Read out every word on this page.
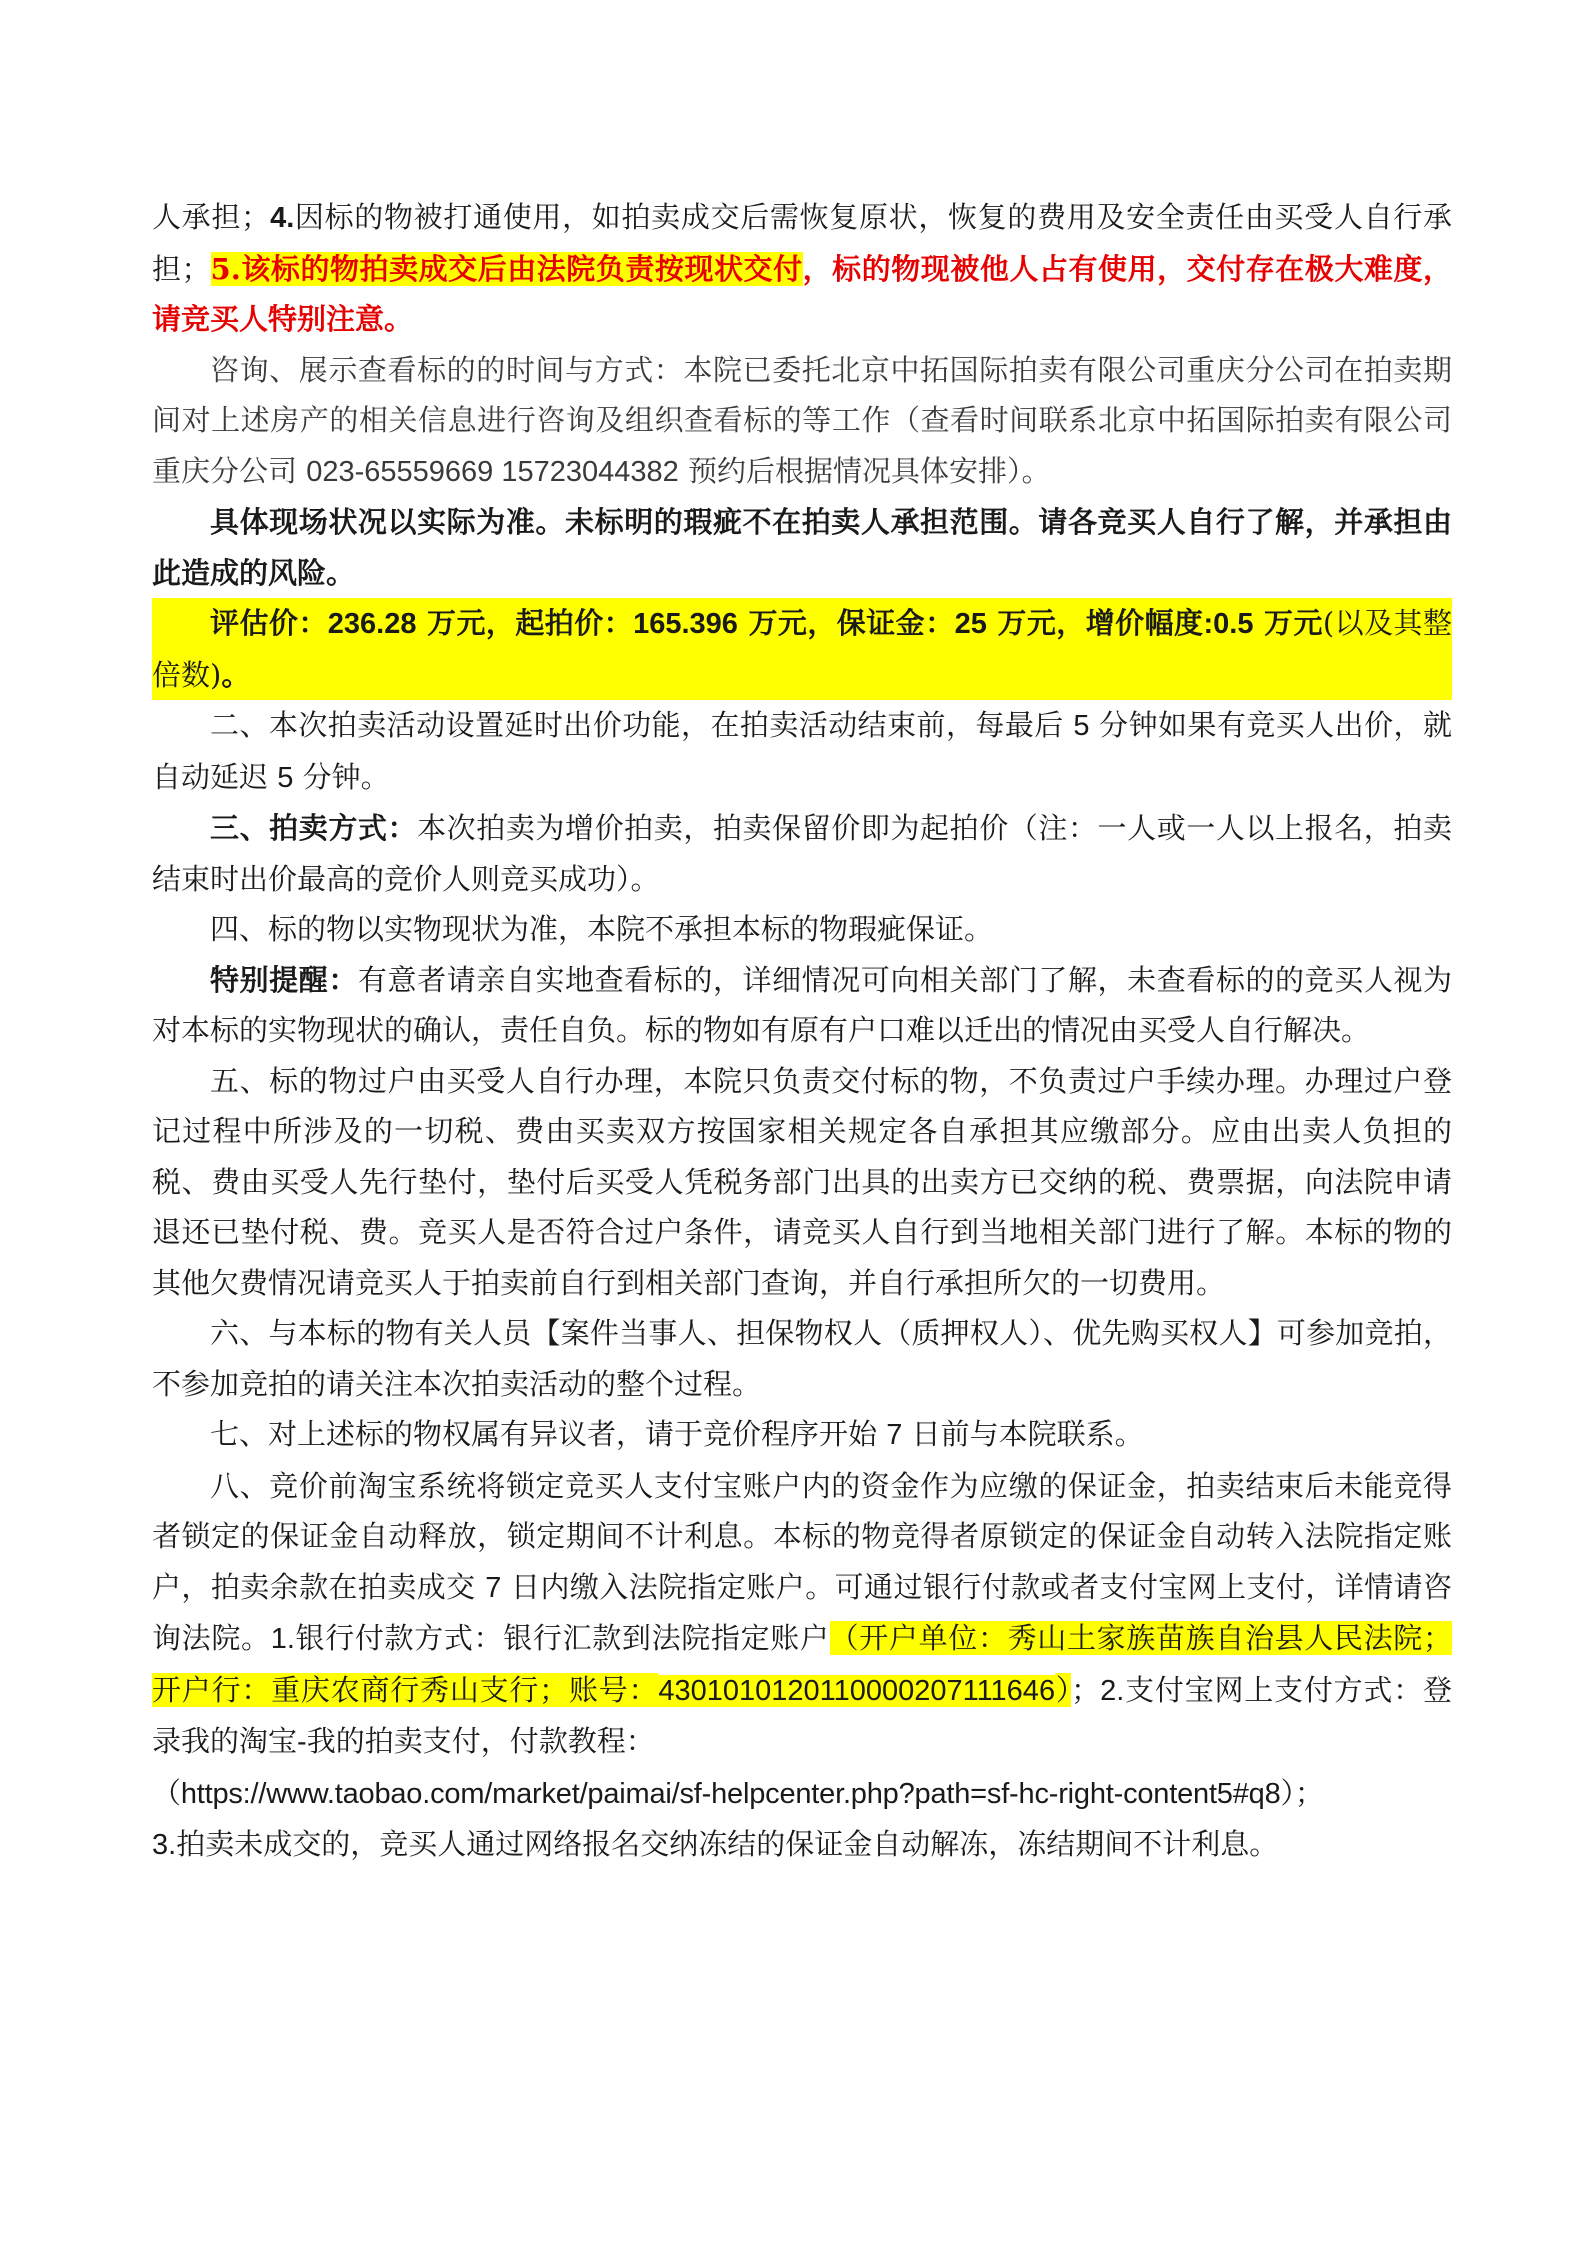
人承担；4.因标的物被打通使用，如拍卖成交后需恢复原状，恢复的费用及安全责任由买受人自行承担；5.该标的物拍卖成交后由法院负责按现状交付，标的物现被他人占有使用，交付存在极大难度，请竞买人特别注意。

咨询、展示查看标的的时间与方式：本院已委托北京中拓国际拍卖有限公司重庆分公司在拍卖期间对上述房产的相关信息进行咨询及组织查看标的等工作（查看时间联系北京中拓国际拍卖有限公司重庆分公司 023-65559669 15723044382 预约后根据情况具体安排）。

具体现场状况以实际为准。未标明的瑕疵不在拍卖人承担范围。请各竞买人自行了解，并承担由此造成的风险。

评估价：236.28 万元，起拍价：165.396 万元，保证金：25 万元，增价幅度:0.5 万元(以及其整倍数)。

二、本次拍卖活动设置延时出价功能，在拍卖活动结束前，每最后 5 分钟如果有竞买人出价，就自动延迟 5 分钟。

三、拍卖方式：本次拍卖为增价拍卖，拍卖保留价即为起拍价（注：一人或一人以上报名，拍卖结束时出价最高的竞价人则竞买成功）。

四、标的物以实物现状为准，本院不承担本标的物瑕疵保证。

特别提醒：有意者请亲自实地查看标的，详细情况可向相关部门了解，未查看标的的竞买人视为对本标的实物现状的确认，责任自负。标的物如有原有户口难以迁出的情况由买受人自行解决。

五、标的物过户由买受人自行办理，本院只负责交付标的物，不负责过户手续办理。办理过户登记过程中所涉及的一切税、费由买卖双方按国家相关规定各自承担其应缴部分。应由出卖人负担的税、费由买受人先行垫付，垫付后买受人凭税务部门出具的出卖方已交纳的税、费票据，向法院申请退还已垫付税、费。竞买人是否符合过户条件，请竞买人自行到当地相关部门进行了解。本标的物的其他欠费情况请竞买人于拍卖前自行到相关部门查询，并自行承担所欠的一切费用。

六、与本标的物有关人员【案件当事人、担保物权人（质押权人）、优先购买权人】可参加竞拍，不参加竞拍的请关注本次拍卖活动的整个过程。

七、对上述标的物权属有异议者，请于竞价程序开始 7 日前与本院联系。

八、竞价前淘宝系统将锁定竞买人支付宝账户内的资金作为应缴的保证金，拍卖结束后未能竞得者锁定的保证金自动释放，锁定期间不计利息。本标的物竞得者原锁定的保证金自动转入法院指定账户，拍卖余款在拍卖成交 7 日内缴入法院指定账户。可通过银行付款或者支付宝网上支付，详情请咨询法院。1.银行付款方式：银行汇款到法院指定账户（开户单位：秀山土家族苗族自治县人民法院；开户行：重庆农商行秀山支行；账号：4301010120110000207111646）；2.支付宝网上支付方式：登录我的淘宝-我的拍卖支付，付款教程：

（https://www.taobao.com/market/paimai/sf-helpcenter.php?path=sf-hc-right-content5#q8）；

3.拍卖未成交的，竞买人通过网络报名交纳冻结的保证金自动解冻，冻结期间不计利息。
